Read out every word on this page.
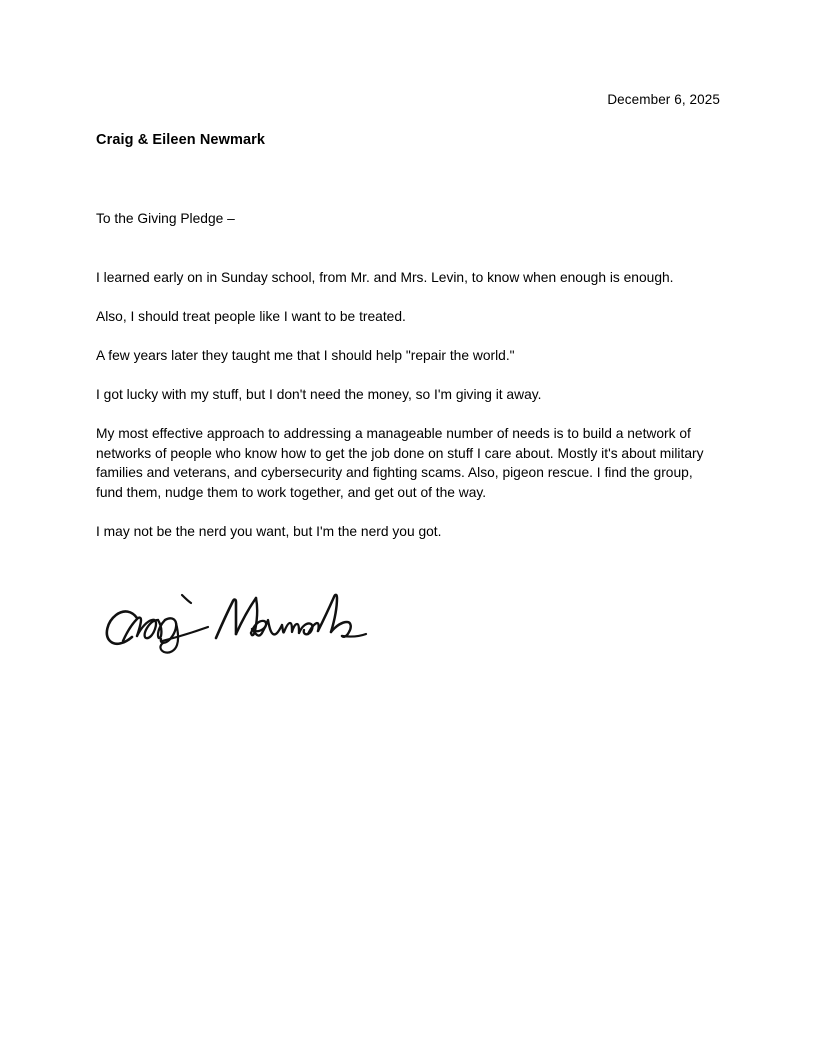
December 6, 2025
Craig & Eileen Newmark
To the Giving Pledge –

I learned early on in Sunday school, from Mr. and Mrs. Levin, to know when enough is enough.

Also, I should treat people like I want to be treated.

A few years later they taught me that I should help "repair the world."

I got lucky with my stuff, but I don't need the money, so I'm giving it away.

My most effective approach to addressing a manageable number of needs is to build a network of networks of people who know how to get the job done on stuff I care about. Mostly it's about military families and veterans, and cybersecurity and fighting scams. Also, pigeon rescue. I find the group, fund them, nudge them to work together, and get out of the way.

I may not be the nerd you want, but I'm the nerd you got.
